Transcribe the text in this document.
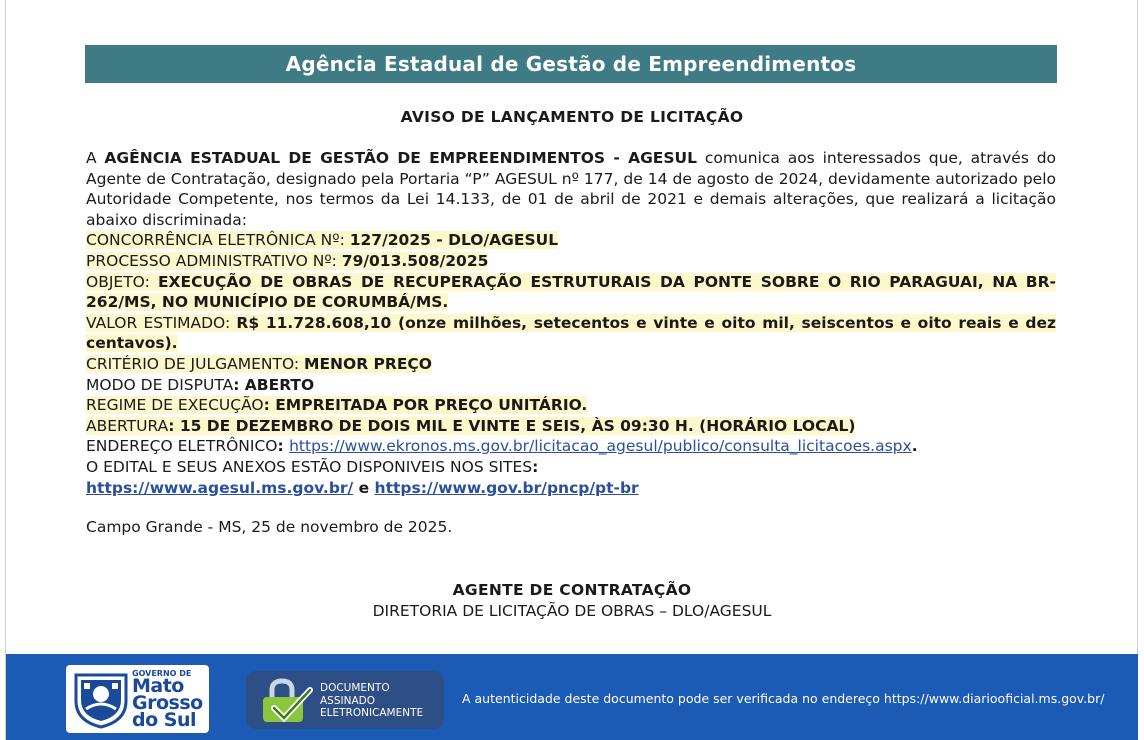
Agência Estadual de Gestão de Empreendimentos
AVISO DE LANÇAMENTO DE LICITAÇÃO

A AGÊNCIA ESTADUAL DE GESTÃO DE EMPREENDIMENTOS - AGESUL comunica aos interessados que, através do Agente de Contratação, designado pela Portaria “P” AGESUL nº 177, de 14 de agosto de 2024, devidamente autorizado pelo Autoridade Competente, nos termos da Lei 14.133, de 01 de abril de 2021 e demais alterações, que realizará a licitação abaixo discriminada:

CONCORRÊNCIA ELETRÔNICA Nº: 127/2025 - DLO/AGESUL
PROCESSO ADMINISTRATIVO Nº: 79/013.508/2025

OBJETO: EXECUÇÃO DE OBRAS DE RECUPERAÇÃO ESTRUTURAIS DA PONTE SOBRE O RIO PARAGUAI, NA BR-262/MS, NO MUNICÍPIO DE CORUMBÁ/MS.

VALOR ESTIMADO: R$ 11.728.608,10 (onze milhões, setecentos e vinte e oito mil, seiscentos e oito reais e dez centavos).

CRITÉRIO DE JULGAMENTO: MENOR PREÇO
MODO DE DISPUTA: ABERTO
REGIME DE EXECUÇÃO: EMPREITADA POR PREÇO UNITÁRIO.
ABERTURA: 15 DE DEZEMBRO DE DOIS MIL E VINTE E SEIS, ÀS 09:30 H. (HORÁRIO LOCAL)
ENDEREÇO ELETRÔNICO: https://www.ekronos.ms.gov.br/licitacao_agesul/publico/consulta_licitacoes.aspx.
O EDITAL E SEUS ANEXOS ESTÃO DISPONIVEIS NOS SITES:
https://www.agesul.ms.gov.br/ e https://www.gov.br/pncp/pt-br
Campo Grande - MS, 25 de novembro de 2025.
AGENTE DE CONTRATAÇÃO
DIRETORIA DE LICITAÇÃO DE OBRAS – DLO/AGESUL
GOVERNO DE
Mato
Grosso
do Sul
DOCUMENTO
ASSINADO
ELETRONICAMENTE
A autenticidade deste documento pode ser verificada no endereço https://www.diariooficial.ms.gov.br/
